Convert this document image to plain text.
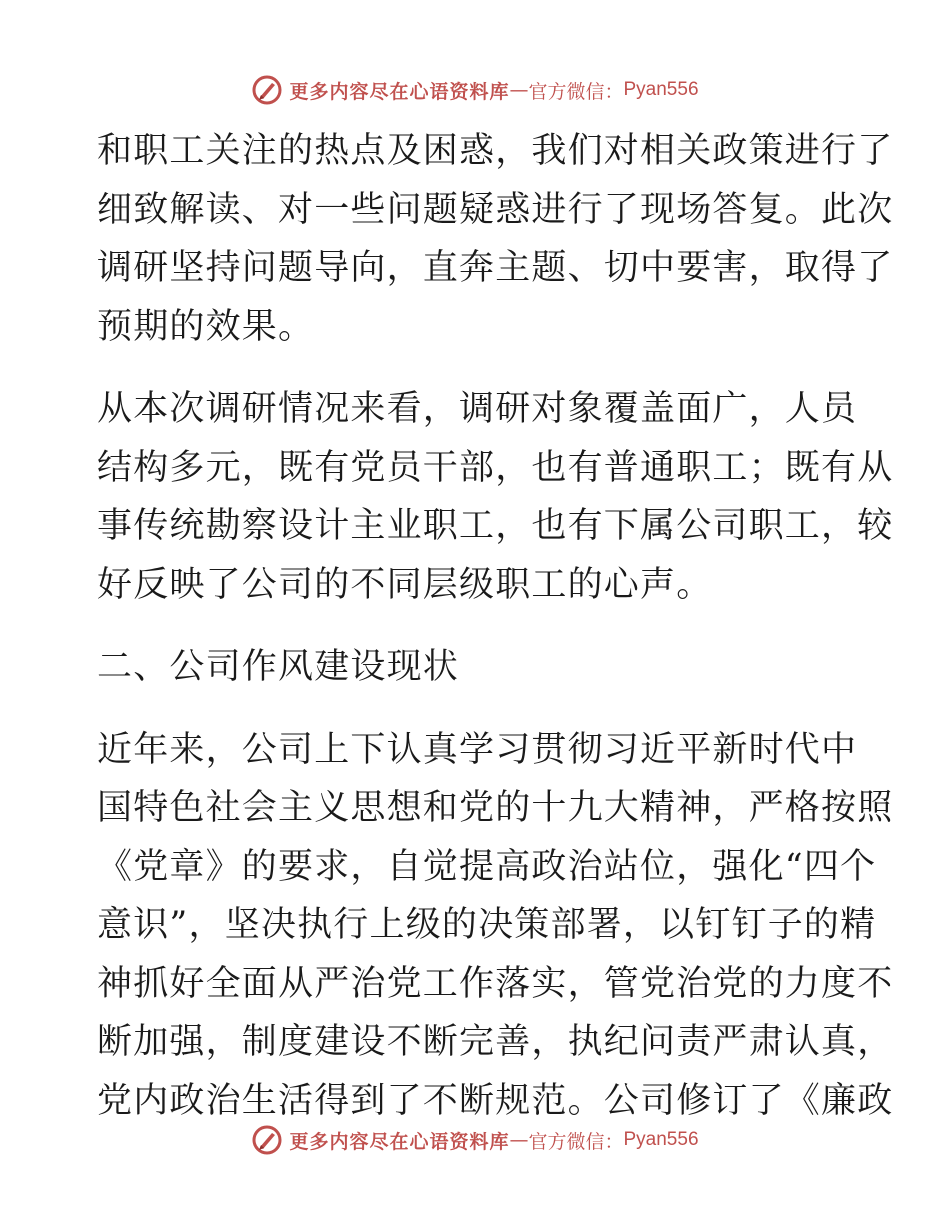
更多内容尽在心语资料库 — 官方微信： Pyan556

和职工关注的热点及困惑，我们对相关政策进行了
细致解读、对一些问题疑惑进行了现场答复。此次
调研坚持问题导向，直奔主题、切中要害，取得了
预期的效果。

从本次调研情况来看，调研对象覆盖面广，人员
结构多元，既有党员干部，也有普通职工；既有从
事传统勘察设计主业职工，也有下属公司职工，较
好反映了公司的不同层级职工的心声。

二、公司作风建设现状

近年来，公司上下认真学习贯彻习近平新时代中
国特色社会主义思想和党的十九大精神，严格按照
《党章》的要求，自觉提高政治站位，强化“四个
意识”，坚决执行上级的决策部署，以钉钉子的精
神抓好全面从严治党工作落实，管党治党的力度不
断加强，制度建设不断完善，执纪问责严肃认真，
党内政治生活得到了不断规范。公司修订了《廉政

更多内容尽在心语资料库 — 官方微信： Pyan556
